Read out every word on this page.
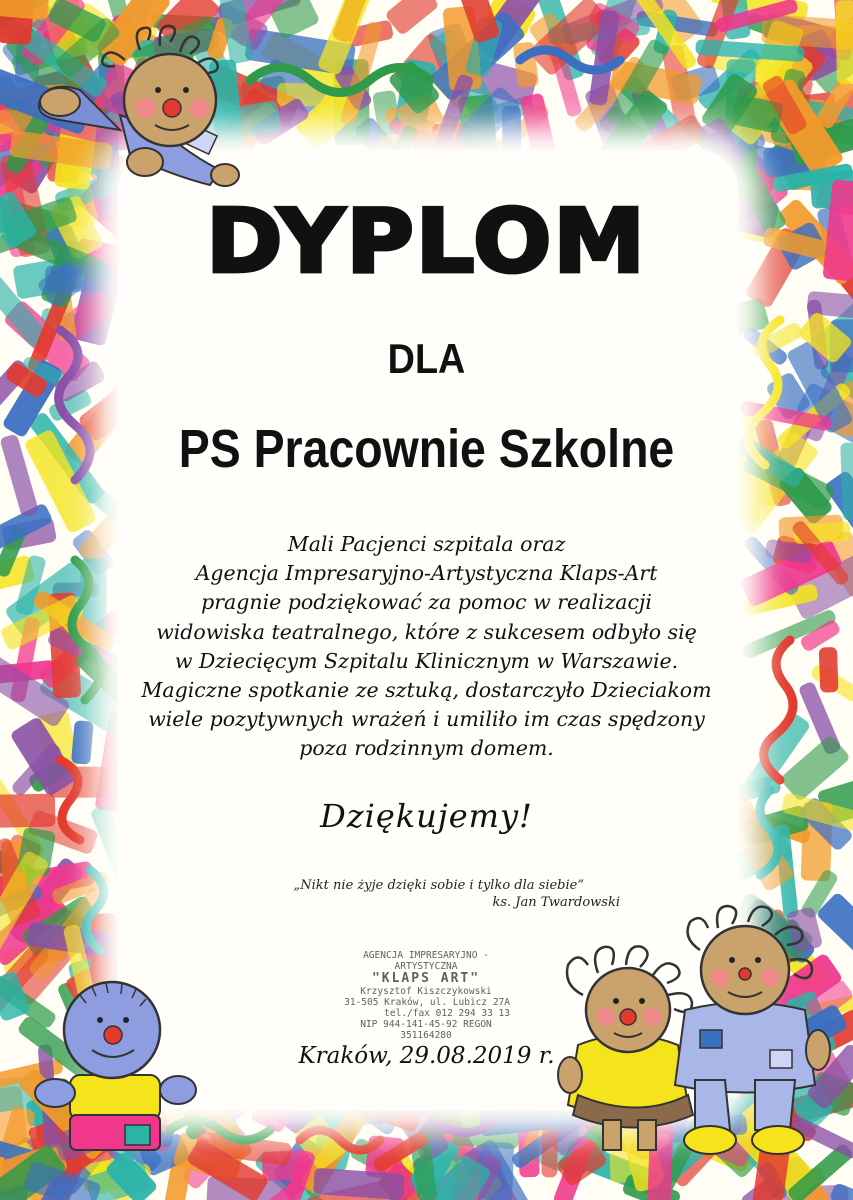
DYPLOM
DLA
PS Pracownie Szkolne
Mali Pacjenci szpitala oraz
Agencja Impresaryjno-Artystyczna Klaps-Art
pragnie podziękować za pomoc w realizacji
widowiska teatralnego, które z sukcesem odbyło się
w Dziecięcym Szpitalu Klinicznym w Warszawie.
Magiczne spotkanie ze sztuką, dostarczyło Dzieciakom
wiele pozytywnych wrażeń i umiliło im czas spędzony
poza rodzinnym domem.
Dziękujemy!
„Nikt nie żyje dzięki sobie i tylko dla siebie”
ks. Jan Twardowski
AGENCJA IMPRESARYJNO - ARTYSTYCZNA
"KLAPS ART"
Krzysztof Kiszczykowski
31-505 Kraków, ul. Lubicz 27A
tel./fax 012 294 33 13
NIP 944-141-45-92 REGON 351164280
Kraków, 29.08.2019 r.
